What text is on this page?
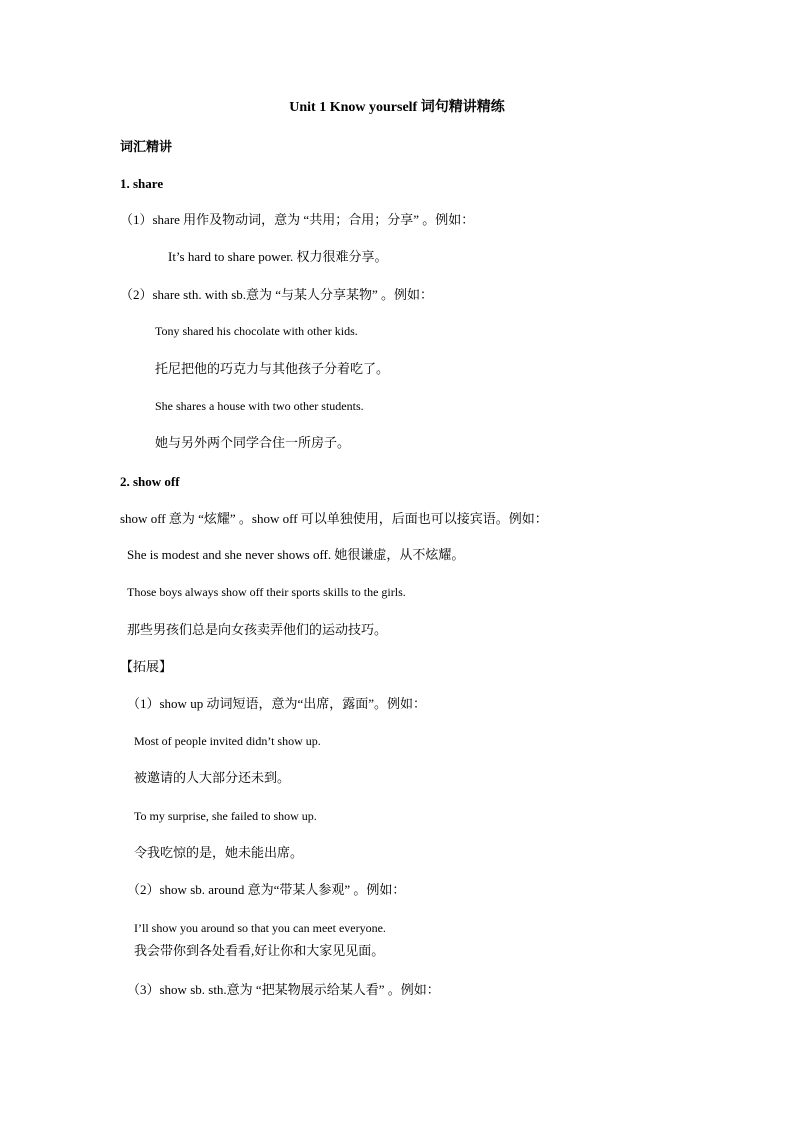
Unit 1 Know yourself 词句精讲精练
词汇精讲
1. share
（1）share 用作及物动词，意为 “共用；合用；分享” 。例如：
It’s hard to share power. 权力很难分享。
（2）share sth. with sb.意为 “与某人分享某物” 。例如：
Tony shared his chocolate with other kids.
托尼把他的巧克力与其他孩子分着吃了。
She shares a house with two other students.
她与另外两个同学合住一所房子。
2. show off
show off 意为 “炫耀” 。show off 可以单独使用，后面也可以接宾语。例如：
She is modest and she never shows off. 她很谦虚，从不炫耀。
Those boys always show off their sports skills to the girls.
那些男孩们总是向女孩卖弄他们的运动技巧。
【拓展】
（1）show up 动词短语，意为“出席，露面”。例如：
Most of people invited didn’t show up.
被邀请的人大部分还未到。
To my surprise, she failed to show up.
令我吃惊的是，她未能出席。
（2）show sb. around 意为“带某人参观” 。例如：
I’ll show you around so that you can meet everyone.
我会带你到各处看看,好让你和大家见见面。
（3）show sb. sth.意为 “把某物展示给某人看” 。例如：
